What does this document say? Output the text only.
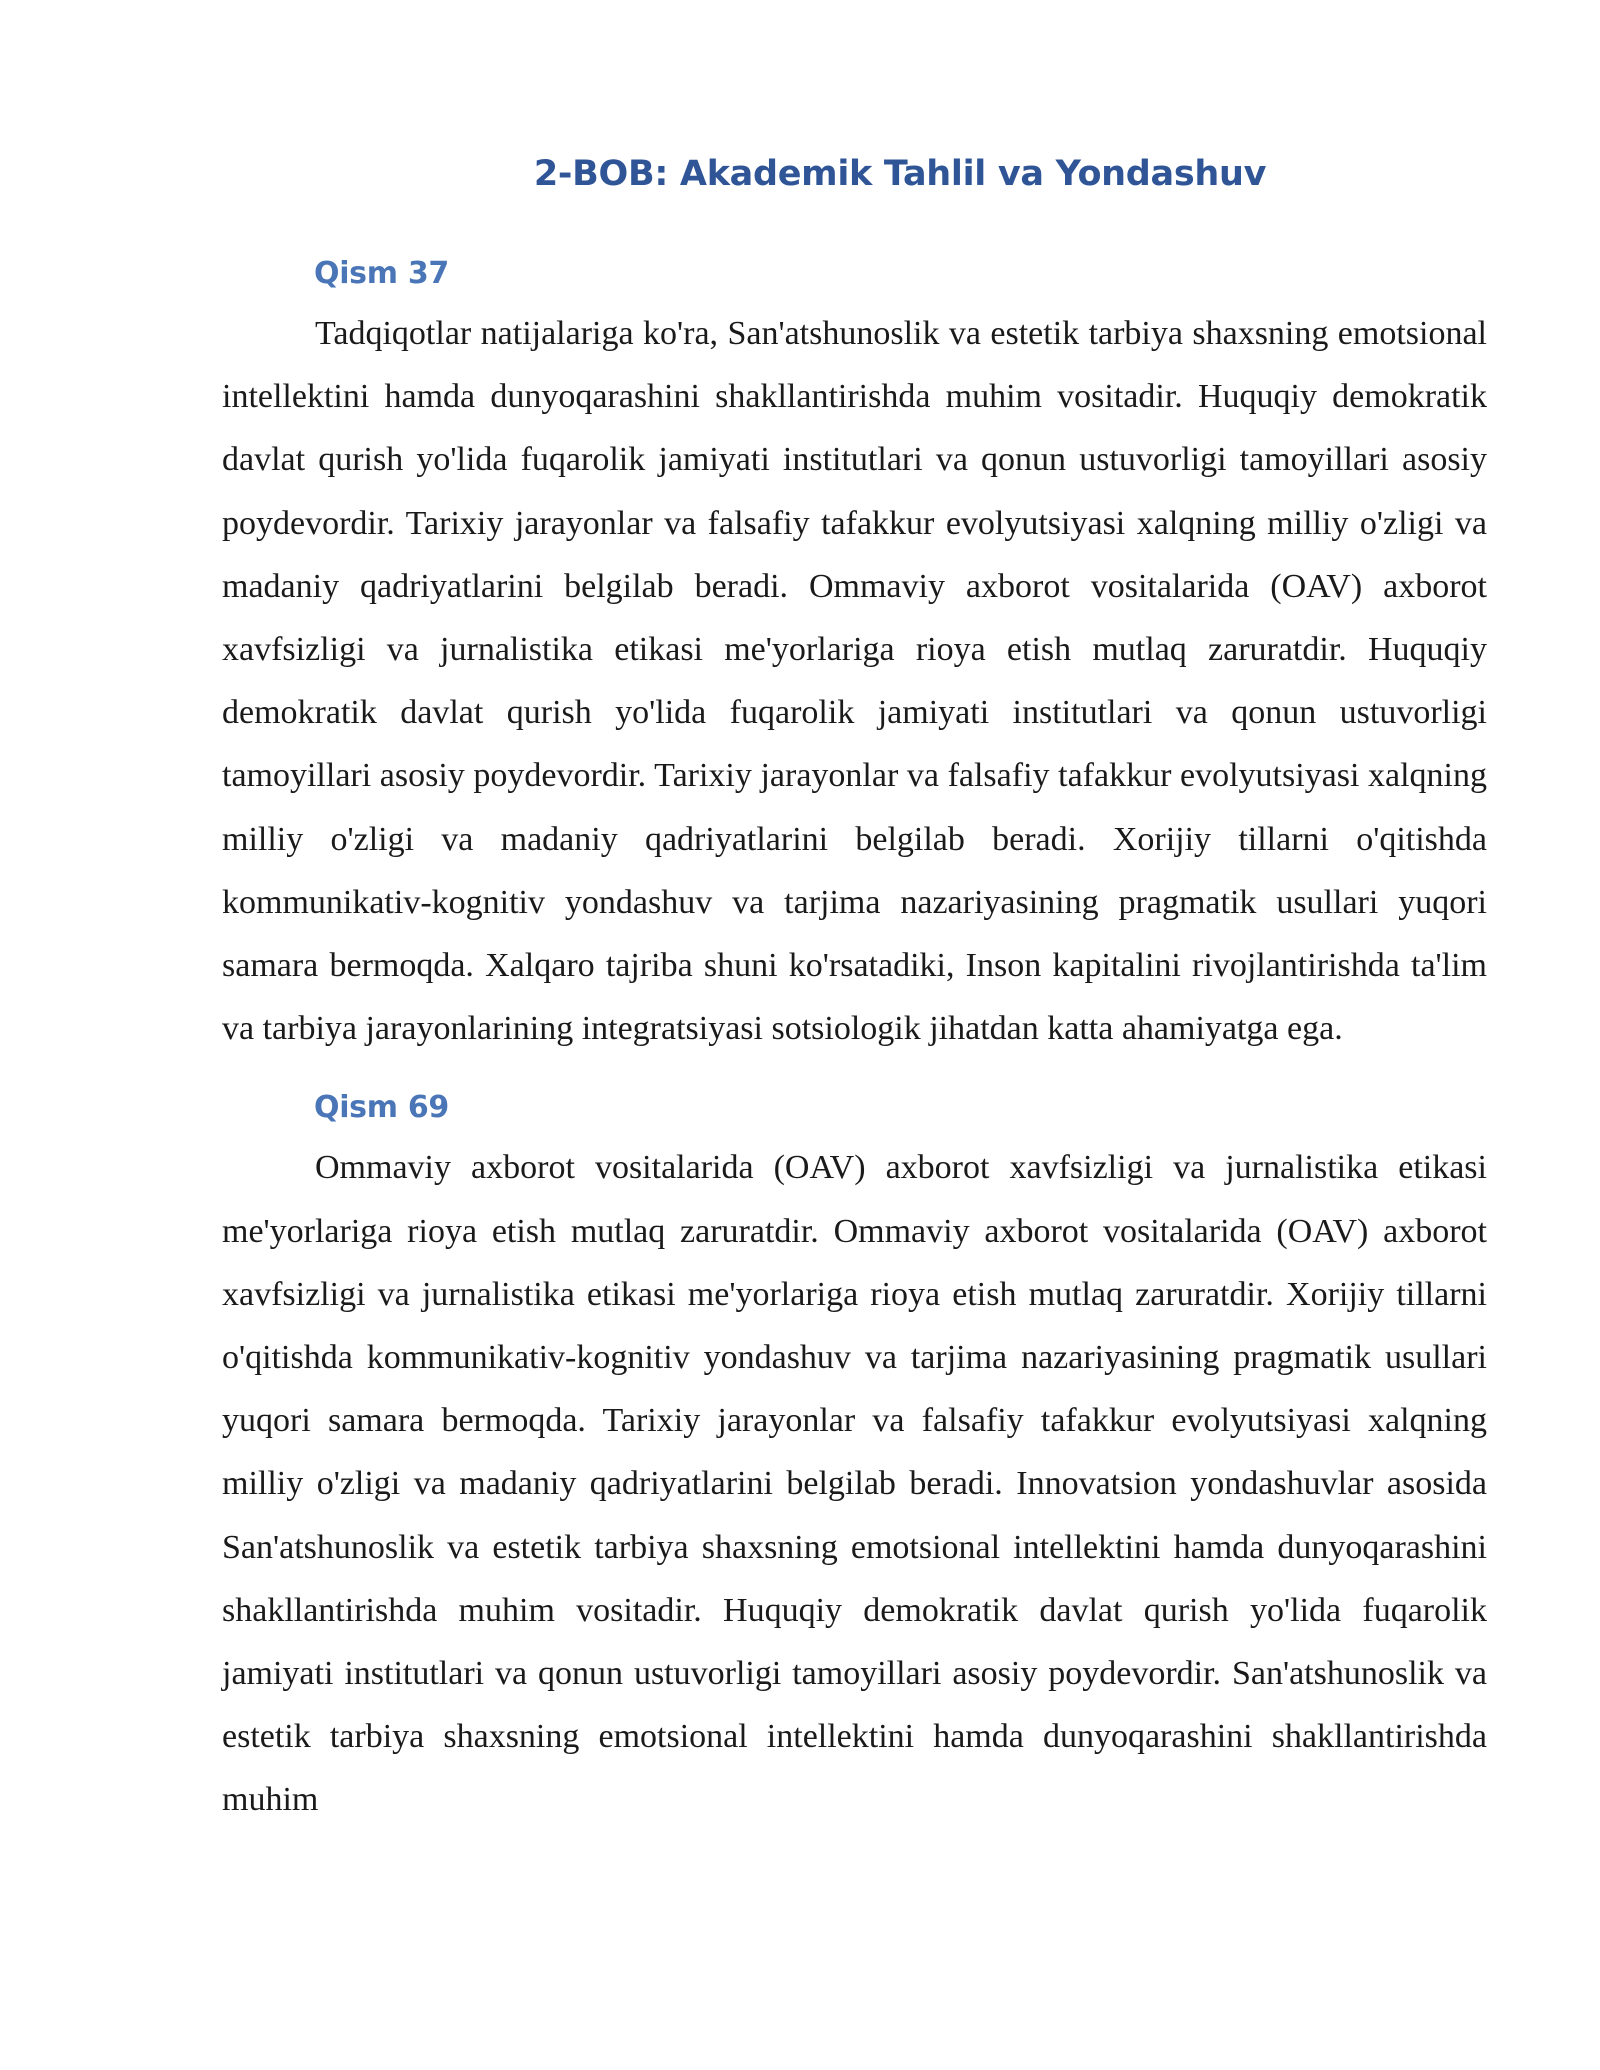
2-BOB: Akademik Tahlil va Yondashuv
Qism 37

Tadqiqotlar natijalariga ko'ra, San'atshunoslik va estetik tarbiya shaxsning emotsional intellektini hamda dunyoqarashini shakllantirishda muhim vositadir. Huquqiy demokratik davlat qurish yo'lida fuqarolik jamiyati institutlari va qonun ustuvorligi tamoyillari asosiy poydevordir. Tarixiy jarayonlar va falsafiy tafakkur evolyutsiyasi xalqning milliy o'zligi va madaniy qadriyatlarini belgilab beradi. Ommaviy axborot vositalarida (OAV) axborot xavfsizligi va jurnalistika etikasi me'yorlariga rioya etish mutlaq zaruratdir. Huquqiy demokratik davlat qurish yo'lida fuqarolik jamiyati institutlari va qonun ustuvorligi tamoyillari asosiy poydevordir. Tarixiy jarayonlar va falsafiy tafakkur evolyutsiyasi xalqning milliy o'zligi va madaniy qadriyatlarini belgilab beradi. Xorijiy tillarni o'qitishda kommunikativ-kognitiv yondashuv va tarjima nazariyasining pragmatik usullari yuqori samara bermoqda. Xalqaro tajriba shuni ko'rsatadiki, Inson kapitalini rivojlantirishda ta'lim va tarbiya jarayonlarining integratsiyasi sotsiologik jihatdan katta ahamiyatga ega.

Qism 69

Ommaviy axborot vositalarida (OAV) axborot xavfsizligi va jurnalistika etikasi me'yorlariga rioya etish mutlaq zaruratdir. Ommaviy axborot vositalarida (OAV) axborot xavfsizligi va jurnalistika etikasi me'yorlariga rioya etish mutlaq zaruratdir. Xorijiy tillarni o'qitishda kommunikativ-kognitiv yondashuv va tarjima nazariyasining pragmatik usullari yuqori samara bermoqda. Tarixiy jarayonlar va falsafiy tafakkur evolyutsiyasi xalqning milliy o'zligi va madaniy qadriyatlarini belgilab beradi. Innovatsion yondashuvlar asosida San'atshunoslik va estetik tarbiya shaxsning emotsional intellektini hamda dunyoqarashini shakllantirishda muhim vositadir. Huquqiy demokratik davlat qurish yo'lida fuqarolik jamiyati institutlari va qonun ustuvorligi tamoyillari asosiy poydevordir. San'atshunoslik va estetik tarbiya shaxsning emotsional intellektini hamda dunyoqarashini shakllantirishda muhim
